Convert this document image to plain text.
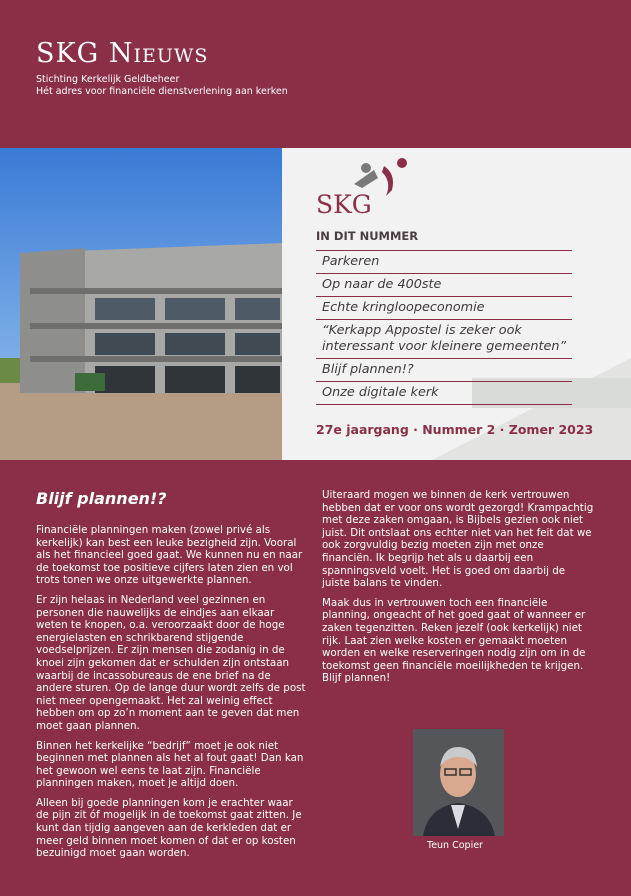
SKG Nieuws
Stichting Kerkelijk Geldbeheer
Hét adres voor financiële dienstverlening aan kerken
SKG
IN DIT NUMMER
Parkeren
Op naar de 400ste
Echte kringloopeconomie
“Kerkapp Appostel is zeker ook interessant voor kleinere gemeenten”
Blijf plannen!?
Onze digitale kerk
27e jaargang · Nummer 2 · Zomer 2023
Blijf plannen!?

Financiële planningen maken (zowel privé als kerkelijk) kan best een leuke bezigheid zijn. Vooral als het financieel goed gaat. We kunnen nu en naar de toekomst toe positieve cijfers laten zien en vol trots tonen we onze uitgewerkte plannen.

Er zijn helaas in Nederland veel gezinnen en personen die nauwelijks de eindjes aan elkaar weten te knopen, o.a. veroorzaakt door de hoge energielasten en schrikbarend stijgende voedselprijzen. Er zijn mensen die zodanig in de knoei zijn gekomen dat er schulden zijn ontstaan waarbij de incassobureaus de ene brief na de andere sturen. Op de lange duur wordt zelfs de post niet meer opengemaakt. Het zal weinig effect hebben om op zo’n moment aan te geven dat men moet gaan plannen.

Binnen het kerkelijke “bedrijf” moet je ook niet beginnen met plannen als het al fout gaat! Dan kan het gewoon wel eens te laat zijn. Financiële planningen maken, moet je altijd doen.

Alleen bij goede planningen kom je erachter waar de pijn zit óf mogelijk in de toekomst gaat zitten. Je kunt dan tijdig aangeven aan de kerkleden dat er meer geld binnen moet komen of dat er op kosten bezuinigd moet gaan worden.

Uiteraard mogen we binnen de kerk vertrouwen hebben dat er voor ons wordt gezorgd! Krampachtig met deze zaken omgaan, is Bijbels gezien ook niet juist. Dit ontslaat ons echter niet van het feit dat we ook zorgvuldig bezig moeten zijn met onze financiën. Ik begrijp het als u daarbij een spanningsveld voelt. Het is goed om daarbij de juiste balans te vinden.

Maak dus in vertrouwen toch een financiële planning, ongeacht of het goed gaat of wanneer er zaken tegenzitten. Reken jezelf (ook kerkelijk) niet rijk. Laat zien welke kosten er gemaakt moeten worden en welke reserveringen nodig zijn om in de toekomst geen financiële moeilijkheden te krijgen. Blijf plannen!

Teun Copier
